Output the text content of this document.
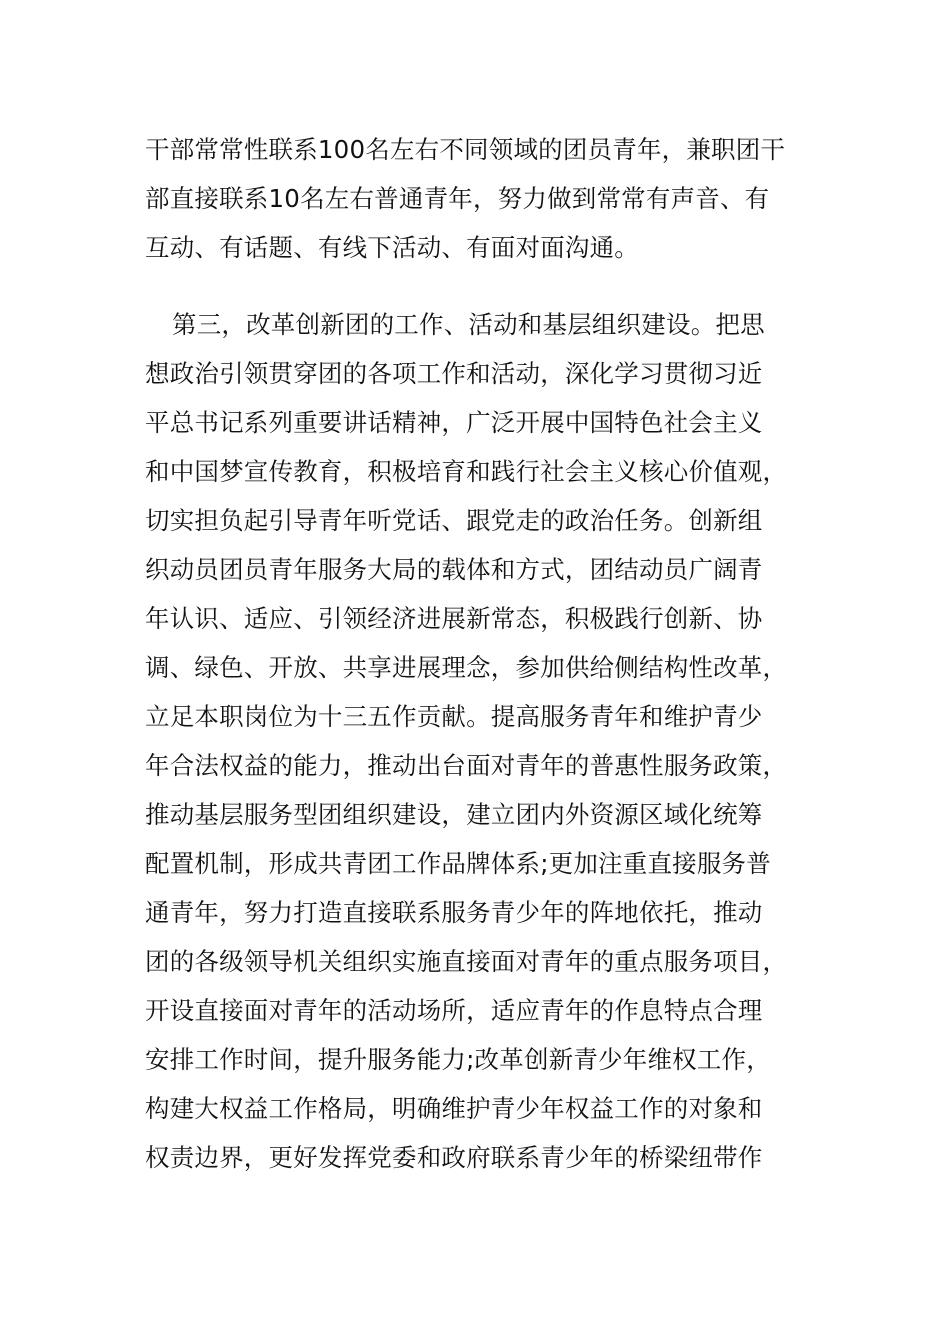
干部常常性联系100名左右不同领域的团员青年，兼职团干
部直接联系10名左右普通青年，努力做到常常有声音、有
互动、有话题、有线下活动、有面对面沟通。
第三，改革创新团的工作、活动和基层组织建设。把思
想政治引领贯穿团的各项工作和活动，深化学习贯彻习近
平总书记系列重要讲话精神，广泛开展中国特色社会主义
和中国梦宣传教育，积极培育和践行社会主义核心价值观，
切实担负起引导青年听党话、跟党走的政治任务。创新组
织动员团员青年服务大局的载体和方式，团结动员广阔青
年认识、适应、引领经济进展新常态，积极践行创新、协
调、绿色、开放、共享进展理念，参加供给侧结构性改革，
立足本职岗位为十三五作贡献。提高服务青年和维护青少
年合法权益的能力，推动出台面对青年的普惠性服务政策，
推动基层服务型团组织建设，建立团内外资源区域化统筹
配置机制，形成共青团工作品牌体系;更加注重直接服务普
通青年，努力打造直接联系服务青少年的阵地依托，推动
团的各级领导机关组织实施直接面对青年的重点服务项目，
开设直接面对青年的活动场所，适应青年的作息特点合理
安排工作时间，提升服务能力;改革创新青少年维权工作，
构建大权益工作格局，明确维护青少年权益工作的对象和
权责边界，更好发挥党委和政府联系青少年的桥梁纽带作
